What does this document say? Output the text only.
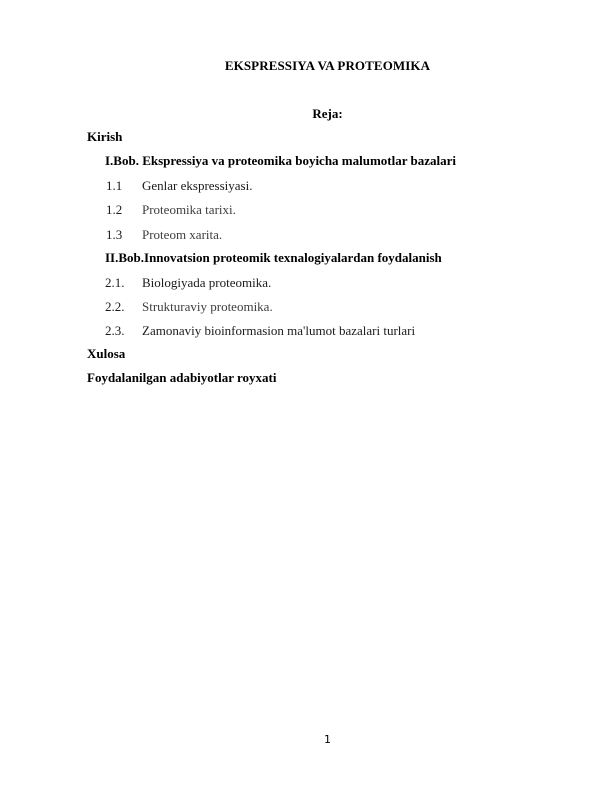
EKSPRESSIYA VA PROTEOMIKA
Reja:
Kirish
I.Bob. Ekspressiya va proteomika boyicha malumotlar bazalari
1.1 Genlar ekspressiyasi.
1.2 Proteomika tarixi.
1.3 Proteom xarita.
II.Bob.Innovatsion proteomik texnalogiyalardan foydalanish
2.1. Biologiyada proteomika.
2.2. Strukturaviy proteomika.
2.3. Zamonaviy bioinformasion ma'lumot bazalari turlari
Xulosa
Foydalanilgan adabiyotlar royxati
1
